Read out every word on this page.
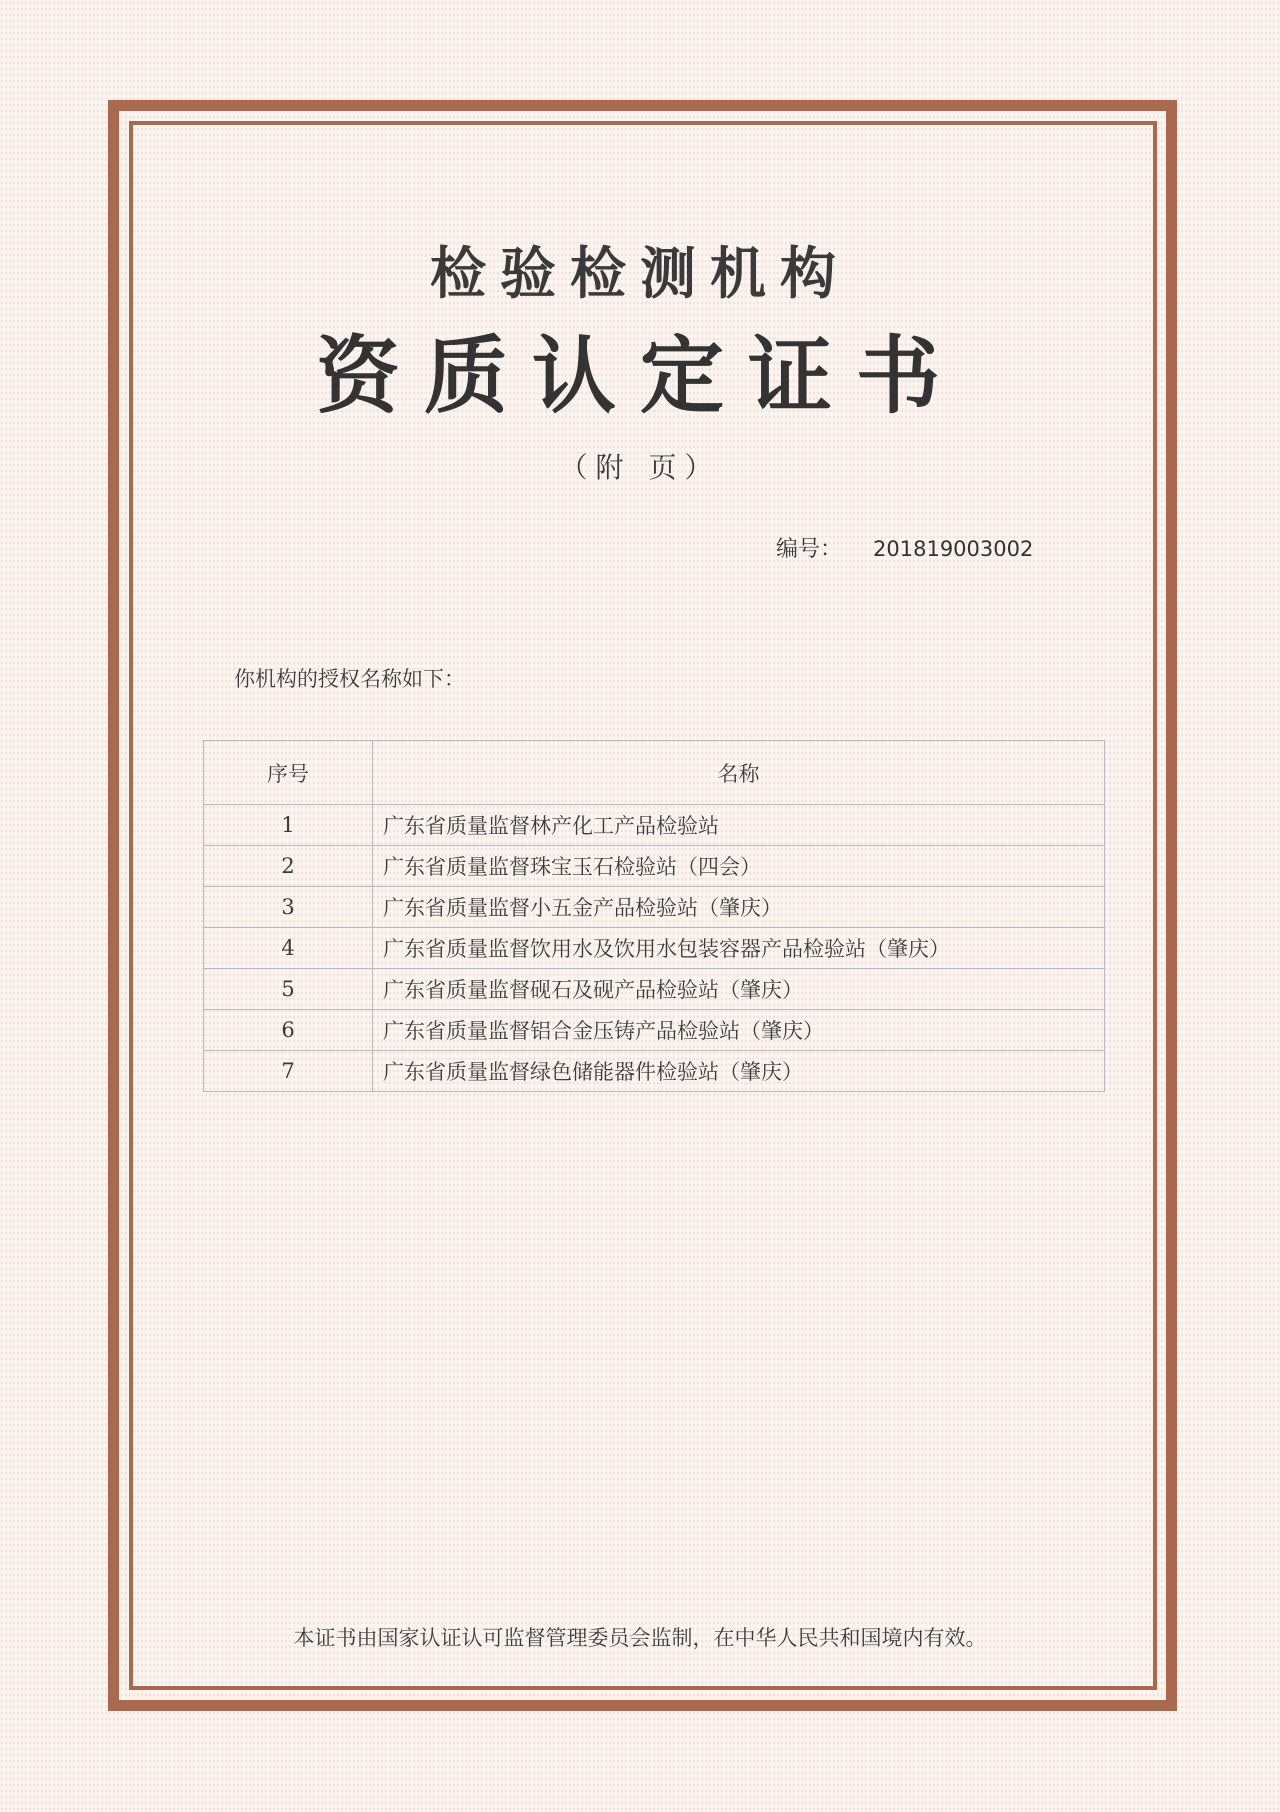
检验检测机构
资质认定证书
（附 页）
编号： 201819003002
你机构的授权名称如下：
序号	名称
1	广东省质量监督林产化工产品检验站
2	广东省质量监督珠宝玉石检验站（四会）
3	广东省质量监督小五金产品检验站（肇庆）
4	广东省质量监督饮用水及饮用水包装容器产品检验站（肇庆）
5	广东省质量监督砚石及砚产品检验站（肇庆）
6	广东省质量监督铝合金压铸产品检验站（肇庆）
7	广东省质量监督绿色储能器件检验站（肇庆）
本证书由国家认证认可监督管理委员会监制，在中华人民共和国境内有效。
